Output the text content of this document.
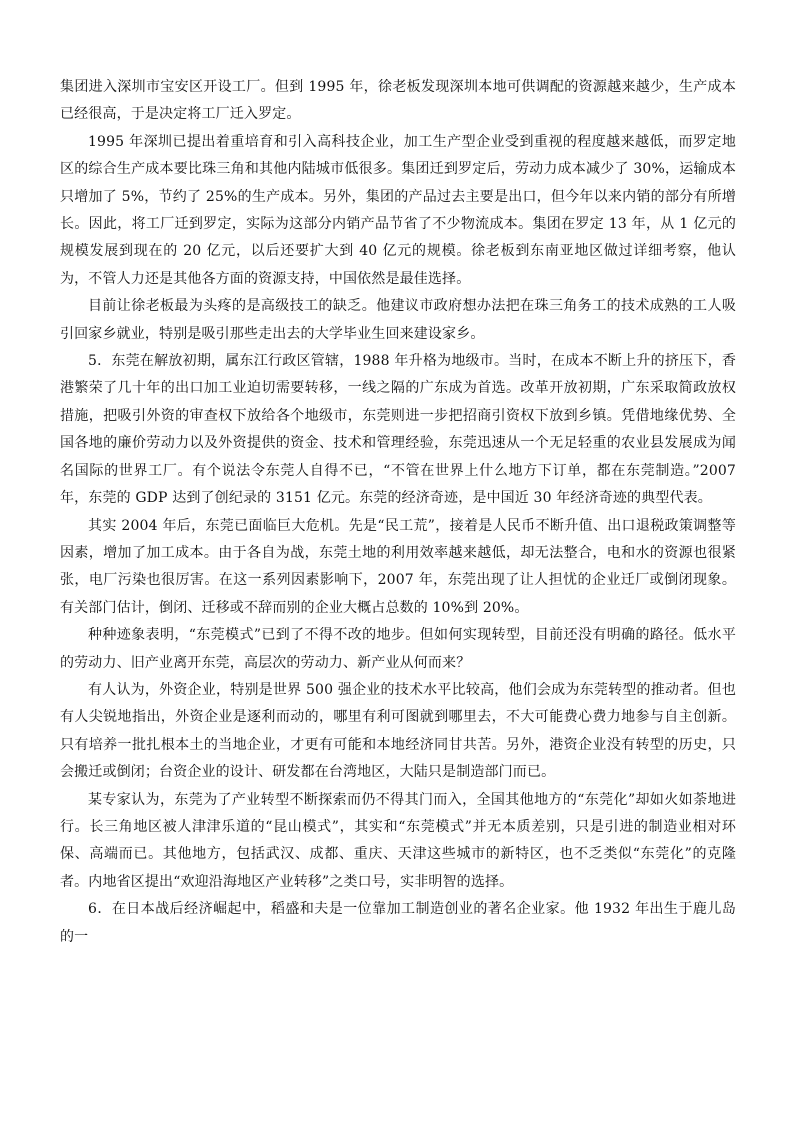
集团进入深圳市宝安区开设工厂。但到 1995 年，徐老板发现深圳本地可供调配的资源越来越少，生产成本已经很高，于是决定将工厂迁入罗定。

1995 年深圳已提出着重培育和引入高科技企业，加工生产型企业受到重视的程度越来越低，而罗定地区的综合生产成本要比珠三角和其他内陆城市低很多。集团迁到罗定后，劳动力成本减少了 30%，运输成本只增加了 5%，节约了 25%的生产成本。另外，集团的产品过去主要是出口，但今年以来内销的部分有所增长。因此，将工厂迁到罗定，实际为这部分内销产品节省了不少物流成本。集团在罗定 13 年，从 1 亿元的规模发展到现在的 20 亿元，以后还要扩大到 40 亿元的规模。徐老板到东南亚地区做过详细考察，他认为，不管人力还是其他各方面的资源支持，中国依然是最佳选择。

目前让徐老板最为头疼的是高级技工的缺乏。他建议市政府想办法把在珠三角务工的技术成熟的工人吸引回家乡就业，特别是吸引那些走出去的大学毕业生回来建设家乡。

5．东莞在解放初期，属东江行政区管辖，1988 年升格为地级市。当时，在成本不断上升的挤压下，香港繁荣了几十年的出口加工业迫切需要转移，一线之隔的广东成为首选。改革开放初期，广东采取简政放权措施，把吸引外资的审查权下放给各个地级市，东莞则进一步把招商引资权下放到乡镇。凭借地缘优势、全国各地的廉价劳动力以及外资提供的资金、技术和管理经验，东莞迅速从一个无足轻重的农业县发展成为闻名国际的世界工厂。有个说法令东莞人自得不已，“不管在世界上什么地方下订单，都在东莞制造。”2007 年，东莞的 GDP 达到了创纪录的 3151 亿元。东莞的经济奇迹，是中国近 30 年经济奇迹的典型代表。

其实 2004 年后，东莞已面临巨大危机。先是“民工荒”，接着是人民币不断升值、出口退税政策调整等因素，增加了加工成本。由于各自为战，东莞土地的利用效率越来越低，却无法整合，电和水的资源也很紧张，电厂污染也很厉害。在这一系列因素影响下，2007 年，东莞出现了让人担忧的企业迁厂或倒闭现象。有关部门估计，倒闭、迁移或不辞而别的企业大概占总数的 10%到 20%。

种种迹象表明，“东莞模式”已到了不得不改的地步。但如何实现转型，目前还没有明确的路径。低水平的劳动力、旧产业离开东莞，高层次的劳动力、新产业从何而来？

有人认为，外资企业，特别是世界 500 强企业的技术水平比较高，他们会成为东莞转型的推动者。但也有人尖锐地指出，外资企业是逐利而动的，哪里有利可图就到哪里去，不大可能费心费力地参与自主创新。只有培养一批扎根本土的当地企业，才更有可能和本地经济同甘共苦。另外，港资企业没有转型的历史，只会搬迁或倒闭；台资企业的设计、研发都在台湾地区，大陆只是制造部门而已。

某专家认为，东莞为了产业转型不断探索而仍不得其门而入，全国其他地方的“东莞化”却如火如荼地进行。长三角地区被人津津乐道的“昆山模式”，其实和“东莞模式”并无本质差别，只是引进的制造业相对环保、高端而已。其他地方，包括武汉、成都、重庆、天津这些城市的新特区，也不乏类似“东莞化”的克隆者。内地省区提出“欢迎沿海地区产业转移”之类口号，实非明智的选择。

6．在日本战后经济崛起中，稻盛和夫是一位靠加工制造创业的著名企业家。他 1932 年出生于鹿儿岛的一
